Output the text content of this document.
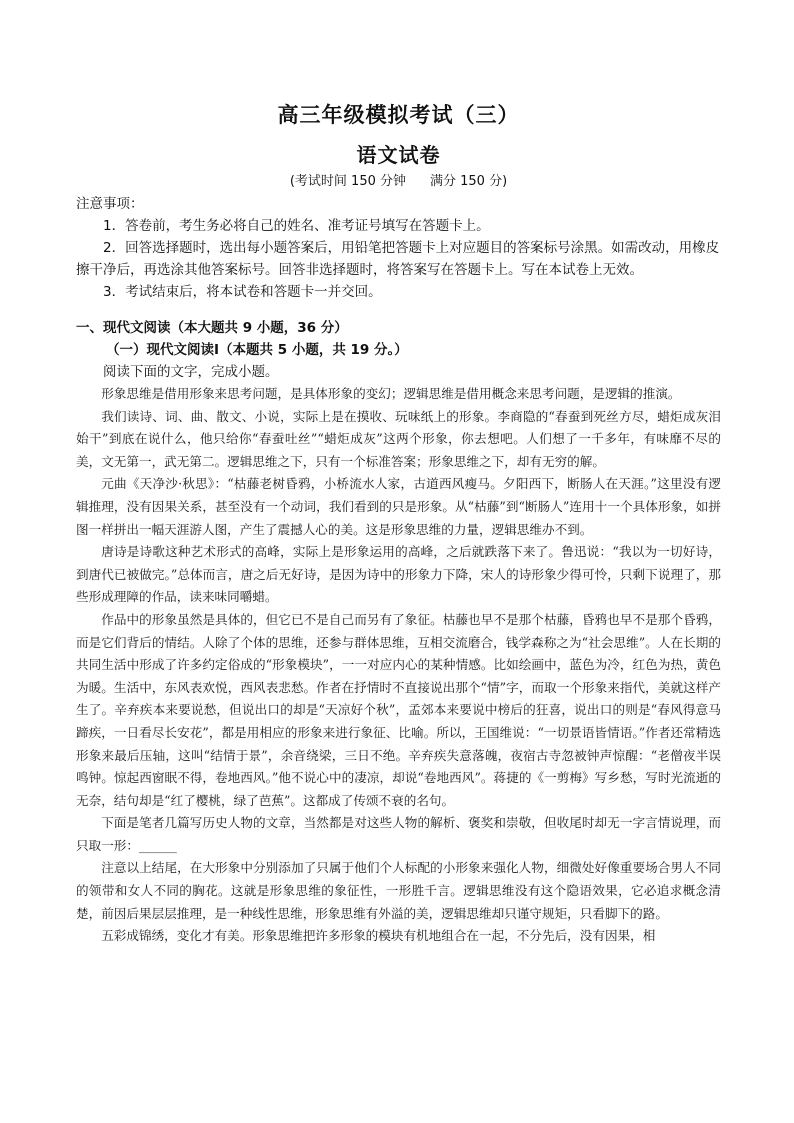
高三年级模拟考试（三）
语文试卷

(考试时间 150 分钟 满分 150 分)

注意事项：

1．答卷前，考生务必将自己的姓名、准考证号填写在答题卡上。

2．回答选择题时，选出每小题答案后，用铅笔把答题卡上对应题目的答案标号涂黑。如需改动，用橡皮擦干净后，再选涂其他答案标号。回答非选择题时，将答案写在答题卡上。写在本试卷上无效。

3．考试结束后，将本试卷和答题卡一并交回。

一、现代文阅读（本大题共 9 小题，36 分）

（一）现代文阅读Ⅰ（本题共 5 小题，共 19 分。）

阅读下面的文字，完成小题。

形象思维是借用形象来思考问题，是具体形象的变幻；逻辑思维是借用概念来思考问题，是逻辑的推演。

我们读诗、词、曲、散文、小说，实际上是在摸收、玩味纸上的形象。李商隐的“春蚕到死丝方尽，蜡炬成灰泪始干”到底在说什么，他只给你“春蚕吐丝”“蜡炬成灰”这两个形象，你去想吧。人们想了一千多年，有味靡不尽的美，文无第一，武无第二。逻辑思维之下，只有一个标准答案；形象思维之下，却有无穷的解。

元曲《天净沙·秋思》：“枯藤老树昏鸦，小桥流水人家，古道西风瘦马。夕阳西下，断肠人在天涯。”这里没有逻辑推理，没有因果关系，甚至没有一个动词，我们看到的只是形象。从“枯藤”到“断肠人”连用十一个具体形象，如拼图一样拼出一幅天涯游人图，产生了震撼人心的美。这是形象思维的力量，逻辑思维办不到。

唐诗是诗歌这种艺术形式的高峰，实际上是形象运用的高峰，之后就跌落下来了。鲁迅说：“我以为一切好诗，到唐代已被做完。”总体而言，唐之后无好诗，是因为诗中的形象力下降，宋人的诗形象少得可怜，只剩下说理了，那些形成理障的作品，读来味同嚼蜡。

作品中的形象虽然是具体的，但它已不是自己而另有了象征。枯藤也早不是那个枯藤，昏鸦也早不是那个昏鸦，而是它们背后的情结。人除了个体的思维，还参与群体思维，互相交流磨合，钱学森称之为“社会思维”。人在长期的共同生活中形成了许多约定俗成的“形象模块”，一一对应内心的某种情感。比如绘画中，蓝色为冷，红色为热，黄色为暖。生活中，东风表欢悦，西风表悲愁。作者在抒情时不直接说出那个“情”字，而取一个形象来指代，美就这样产生了。辛弃疾本来要说愁，但说出口的却是“天凉好个秋”，孟郊本来要说中榜后的狂喜，说出口的则是“春风得意马蹄疾，一日看尽长安花”，都是用相应的形象来进行象征、比喻。所以，王国维说：“一切景语皆情语。”作者还常精选形象来最后压轴，这叫“结情于景”，余音绕梁，三日不绝。辛弃疾失意落魄，夜宿古寺忽被钟声惊醒：“老僧夜半误鸣钟。惊起西窗眠不得，卷地西风。”他不说心中的凄凉，却说“卷地西风”。蒋捷的《一剪梅》写乡愁，写时光流逝的无奈，结句却是“红了樱桃，绿了芭蕉”。这都成了传颂不衰的名句。

下面是笔者几篇写历史人物的文章，当然都是对这些人物的解析、褒奖和崇敬，但收尾时却无一字言情说理，而只取一形：______

注意以上结尾，在大形象中分别添加了只属于他们个人标配的小形象来强化人物，细微处好像重要场合男人不同的领带和女人不同的胸花。这就是形象思维的象征性，一形胜千言。逻辑思维没有这个隐语效果，它必追求概念清楚，前因后果层层推理，是一种线性思维，形象思维有外溢的美，逻辑思维却只谨守规矩，只看脚下的路。

五彩成锦绣，变化才有美。形象思维把许多形象的模块有机地组合在一起，不分先后，没有因果，相
